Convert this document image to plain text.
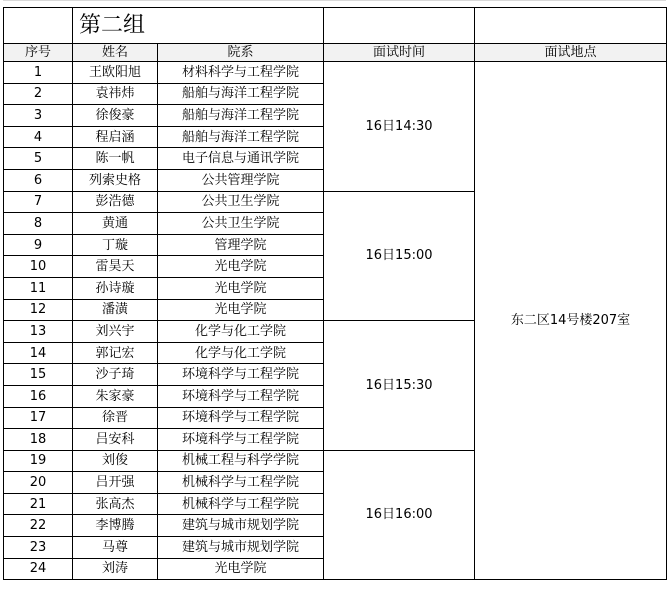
	第二组			
序号	姓名	院系	面试时间	面试地点
1	王欧阳旭	材料科学与工程学院	16日14:30	东二区14号楼207室
2	袁祎炜	船舶与海洋工程学院		
3	徐俊豪	船舶与海洋工程学院		
4	程启涵	船舶与海洋工程学院		
5	陈一帆	电子信息与通讯学院		
6	列索史格	公共管理学院		
7	彭浩德	公共卫生学院	16日15:00	
8	黄通	公共卫生学院		
9	丁璇	管理学院		
10	雷昊天	光电学院		
11	孙诗璇	光电学院		
12	潘潢	光电学院		
13	刘兴宇	化学与化工学院	16日15:30	
14	郭记宏	化学与化工学院		
15	沙子琦	环境科学与工程学院		
16	朱家豪	环境科学与工程学院		
17	徐晋	环境科学与工程学院		
18	吕安科	环境科学与工程学院		
19	刘俊	机械工程与科学学院	16日16:00	
20	吕开强	机械科学与工程学院		
21	张高杰	机械科学与工程学院		
22	李博腾	建筑与城市规划学院		
23	马尊	建筑与城市规划学院		
24	刘涛	光电学院		
